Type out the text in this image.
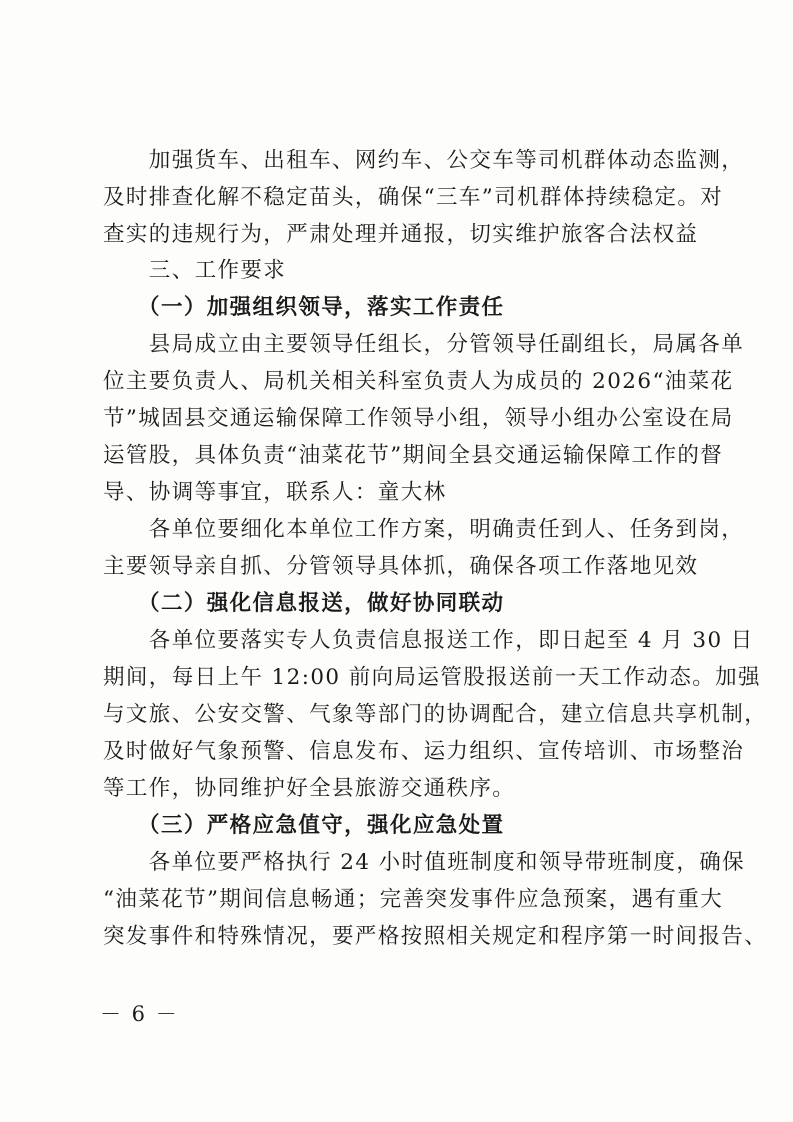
　　加强货车、出租车、网约车、公交车等司机群体动态监测，
及时排查化解不稳定苗头，确保“三车”司机群体持续稳定。对
查实的违规行为，严肃处理并通报，切实维护旅客合法权益
　　三、工作要求
　　（一）加强组织领导，落实工作责任
　　县局成立由主要领导任组长，分管领导任副组长，局属各单
位主要负责人、局机关相关科室负责人为成员的 2026“油菜花
节”城固县交通运输保障工作领导小组，领导小组办公室设在局
运管股，具体负责“油菜花节”期间全县交通运输保障工作的督
导、协调等事宜，联系人：童大林
　　各单位要细化本单位工作方案，明确责任到人、任务到岗，
主要领导亲自抓、分管领导具体抓，确保各项工作落地见效
　　（二）强化信息报送，做好协同联动
　　各单位要落实专人负责信息报送工作，即日起至 4 月 30 日
期间，每日上午 12:00 前向局运管股报送前一天工作动态。加强
与文旅、公安交警、气象等部门的协调配合，建立信息共享机制，
及时做好气象预警、信息发布、运力组织、宣传培训、市场整治
等工作，协同维护好全县旅游交通秩序。
　　（三）严格应急值守，强化应急处置
　　各单位要严格执行 24 小时值班制度和领导带班制度，确保
“油菜花节”期间信息畅通；完善突发事件应急预案，遇有重大
突发事件和特殊情况，要严格按照相关规定和程序第一时间报告、
－ 6 －
